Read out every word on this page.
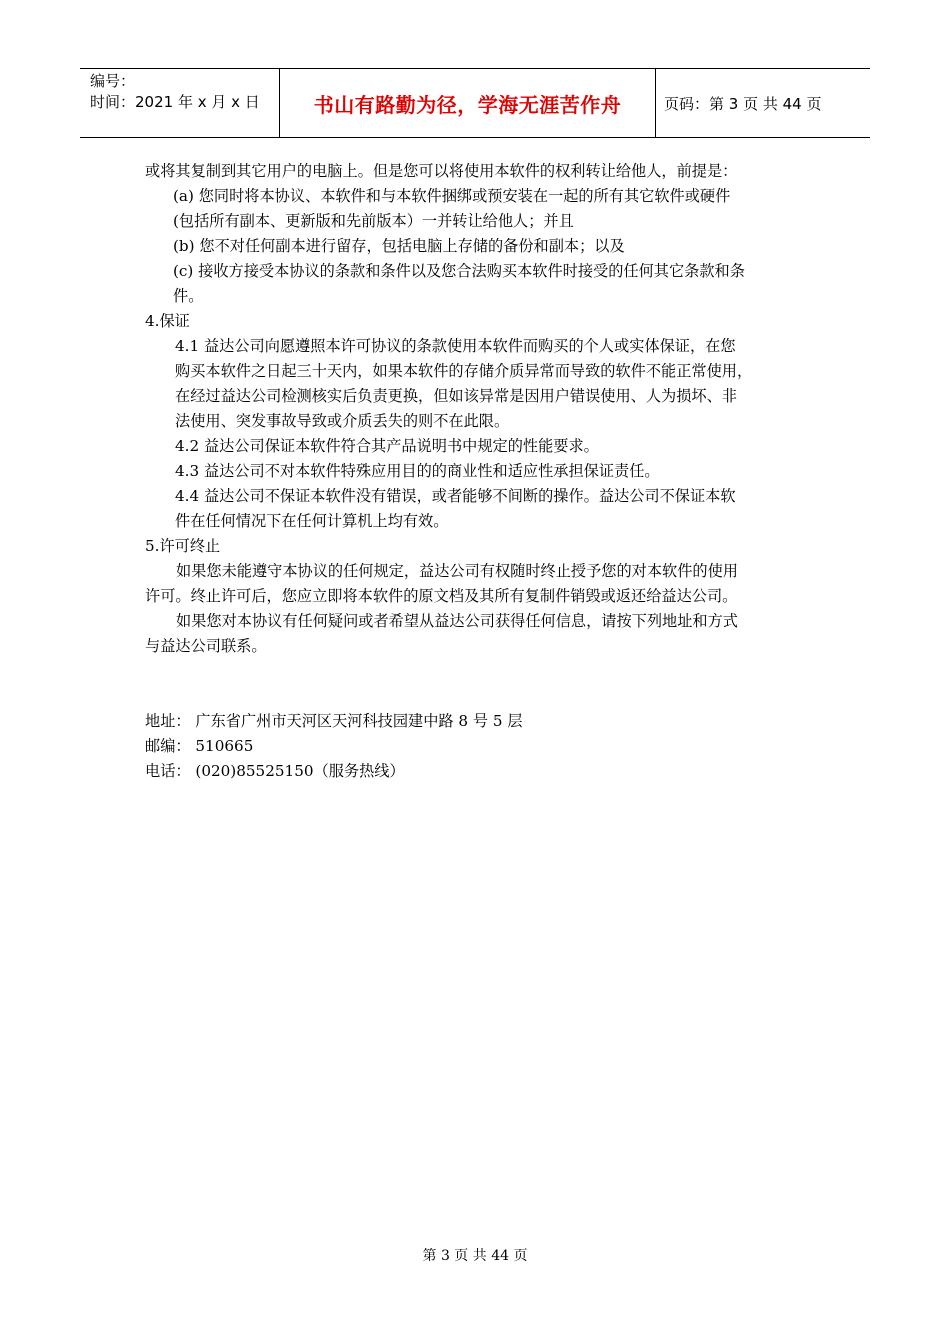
编号：
时间：2021 年 x 月 x 日	书山有路勤为径，学海无涯苦作舟	页码：第 3 页 共 44 页

或将其复制到其它用户的电脑上。但是您可以将使用本软件的权利转让给他人，前提是：

(a) 您同时将本协议、本软件和与本软件捆绑或预安装在一起的所有其它软件或硬件

(包括所有副本、更新版和先前版本）一并转让给他人；并且

(b) 您不对任何副本进行留存，包括电脑上存储的备份和副本；以及

(c) 接收方接受本协议的条款和条件以及您合法购买本软件时接受的任何其它条款和条

件。

4.保证

4.1 益达公司向愿遵照本许可协议的条款使用本软件而购买的个人或实体保证，在您

购买本软件之日起三十天内，如果本软件的存储介质异常而导致的软件不能正常使用，

在经过益达公司检测核实后负责更换，但如该异常是因用户错误使用、人为损坏、非

法使用、突发事故导致或介质丢失的则不在此限。

4.2 益达公司保证本软件符合其产品说明书中规定的性能要求。

4.3 益达公司不对本软件特殊应用目的的商业性和适应性承担保证责任。

4.4 益达公司不保证本软件没有错误，或者能够不间断的操作。益达公司不保证本软

件在任何情况下在任何计算机上均有效。

5.许可终止

如果您未能遵守本协议的任何规定，益达公司有权随时终止授予您的对本软件的使用

许可。终止许可后，您应立即将本软件的原文档及其所有复制件销毁或返还给益达公司。

如果您对本协议有任何疑问或者希望从益达公司获得任何信息，请按下列地址和方式

与益达公司联系。

地址： 广东省广州市天河区天河科技园建中路 8 号 5 层

邮编： 510665

电话： (020)85525150（服务热线）

第 3 页 共 44 页
